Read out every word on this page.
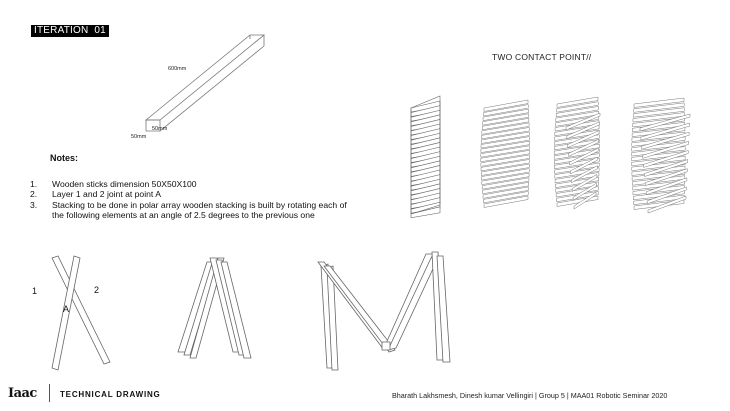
ITERATION  01
TWO CONTACT POINT//
600mm
50mm
50mm
Notes:
1. Wooden sticks dimension 50X50X100
2. Layer 1 and 2 joint at point A
3. Stacking to be done in polar array wooden stacking is built by rotating each of the following elements at an angle of 2.5 degrees to the previous one
1	2
A
Iaac	TECHNICAL DRAWING	Bharath Lakhsmesh, Dinesh kumar Vellingiri | Group 5 | MAA01 Robotic Seminar 2020
